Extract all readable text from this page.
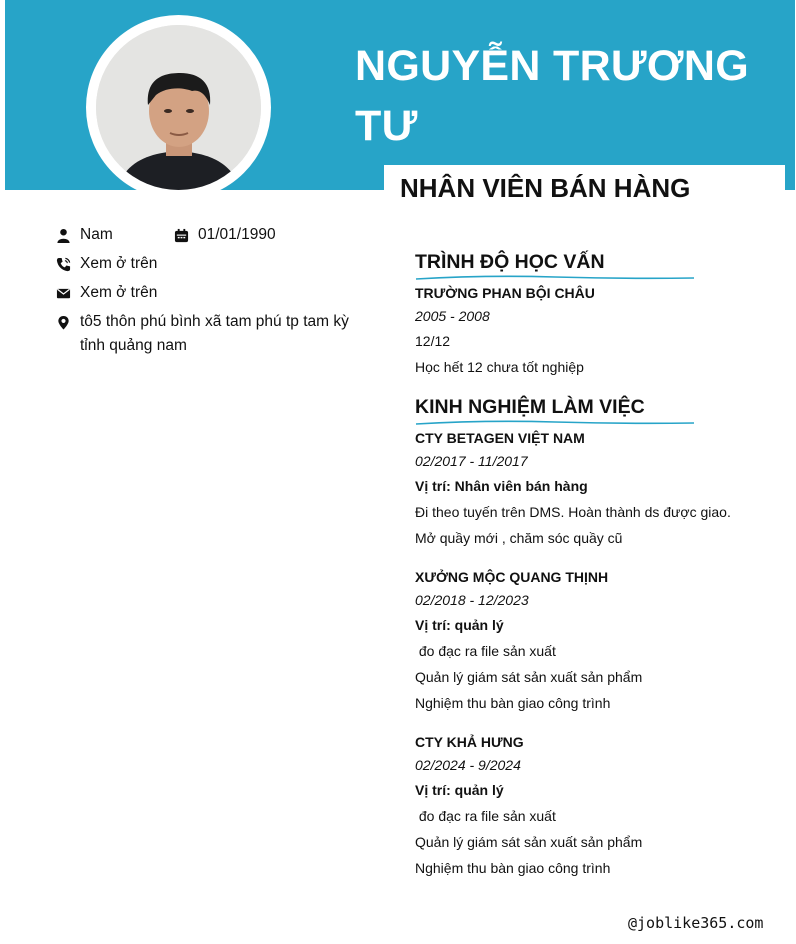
NGUYỄN TRƯƠNG TƯ
NHÂN VIÊN BÁN HÀNG
Nam	01/01/1990
Xem ở trên
Xem ở trên
tô5 thôn phú bình xã tam phú tp tam kỳ tỉnh quảng nam
TRÌNH ĐỘ HỌC VẤN
TRƯỜNG PHAN BỘI CHÂU
2005 - 2008
12/12
Học hết 12 chưa tốt nghiệp
KINH NGHIỆM LÀM VIỆC
CTY BETAGEN VIỆT NAM
02/2017 - 11/2017
Vị trí: Nhân viên bán hàng
Đi theo tuyến trên DMS. Hoàn thành ds được giao.
Mở quầy mới , chăm sóc quầy cũ
XƯỞNG MỘC QUANG THỊNH
02/2018 - 12/2023
Vị trí: quản lý
đo đạc ra file sản xuất
Quản lý giám sát sản xuất sản phẩm
Nghiệm thu bàn giao công trình
CTY KHẢ HƯNG
02/2024 - 9/2024
Vị trí: quản lý
đo đạc ra file sản xuất
Quản lý giám sát sản xuất sản phẩm
Nghiệm thu bàn giao công trình
@joblike365.com
